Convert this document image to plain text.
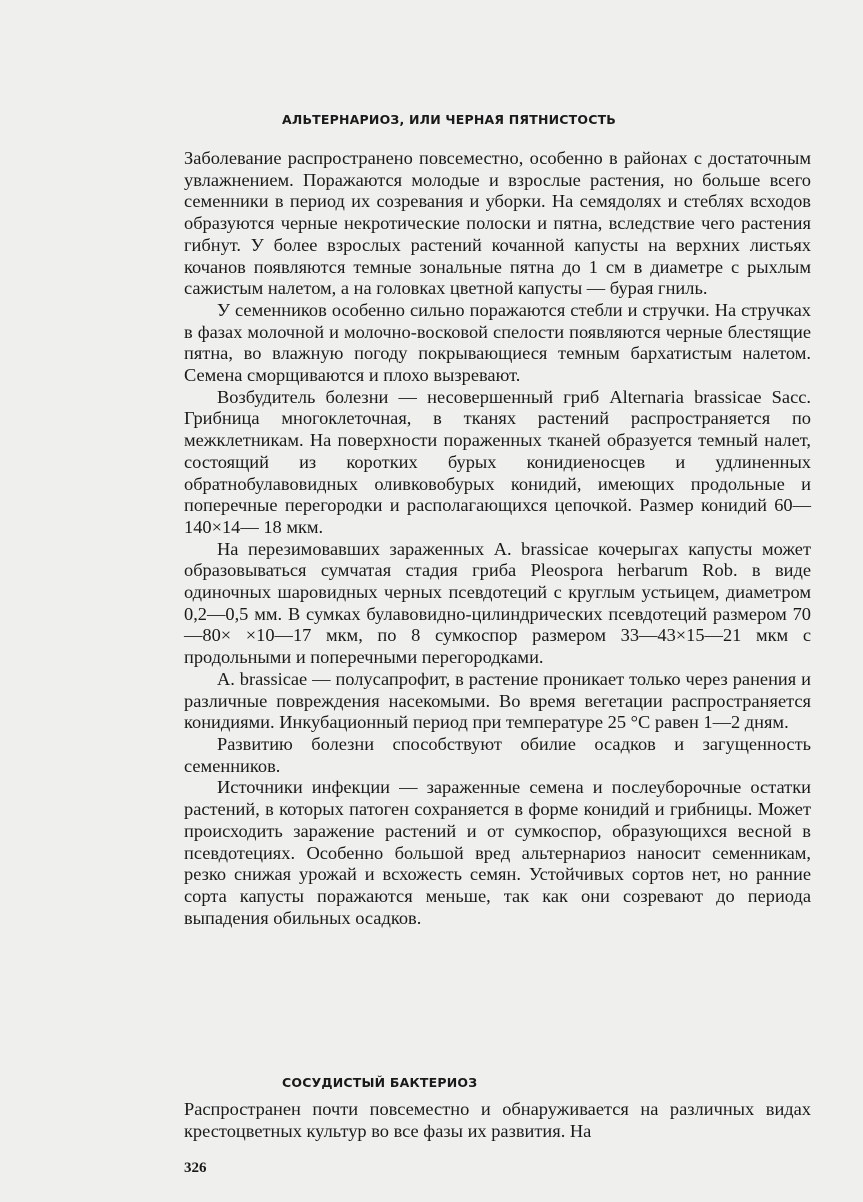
АЛЬТЕРНАРИОЗ, ИЛИ ЧЕРНАЯ ПЯТНИСТОСТЬ

Заболевание распространено повсеместно, особенно в районах с достаточным увлажнением. Поражаются молодые и взрослые растения, но больше всего семенники в период их созревания и уборки. На семядолях и стеблях всходов образуются черные некротические полоски и пятна, вследствие чего растения гибнут. У более взрослых растений кочанной капусты на верхних листьях кочанов появляются темные зональные пятна до 1 см в диаметре с рыхлым сажистым налетом, а на головках цветной капусты — бурая гниль.

У семенников особенно сильно поражаются стебли и стручки. На стручках в фазах молочной и молочно-восковой спелости появляются черные блестящие пятна, во влажную погоду покрывающиеся темным бархатистым налетом. Семена сморщиваются и плохо вызревают.

Возбудитель болезни — несовершенный гриб Alternaria brassicae Sacc. Грибница многоклеточная, в тканях растений распространяется по межклетникам. На поверхности пораженных тканей образуется темный налет, состоящий из коротких бурых конидиеносцев и удлиненных обратнобулавовидных оливковобурых конидий, имеющих продольные и поперечные перегородки и располагающихся цепочкой. Размер конидий 60—140×14— 18 мкм.

На перезимовавших зараженных A. brassicae кочерыгах капусты может образовываться сумчатая стадия гриба Pleospora herbarum Rob. в виде одиночных шаровидных черных псевдотеций с круглым устьицем, диаметром 0,2—0,5 мм. В сумках булавовидно-цилиндрических псевдотеций размером 70—80× ×10—17 мкм, по 8 сумкоспор размером 33—43×15—21 мкм с продольными и поперечными перегородками.

A. brassicae — полусапрофит, в растение проникает только через ранения и различные повреждения насекомыми. Во время вегетации распространяется конидиями. Инкубационный период при температуре 25 °С равен 1—2 дням.

Развитию болезни способствуют обилие осадков и загущенность семенников.

Источники инфекции — зараженные семена и послеуборочные остатки растений, в которых патоген сохраняется в форме конидий и грибницы. Может происходить заражение растений и от сумкоспор, образующихся весной в псевдотециях. Особенно большой вред альтернариоз наносит семенникам, резко снижая урожай и всхожесть семян. Устойчивых сортов нет, но ранние сорта капусты поражаются меньше, так как они созревают до периода выпадения обильных осадков.

СОСУДИСТЫЙ БАКТЕРИОЗ

Распространен почти повсеместно и обнаруживается на различных видах крестоцветных культур во все фазы их развития. На

326
